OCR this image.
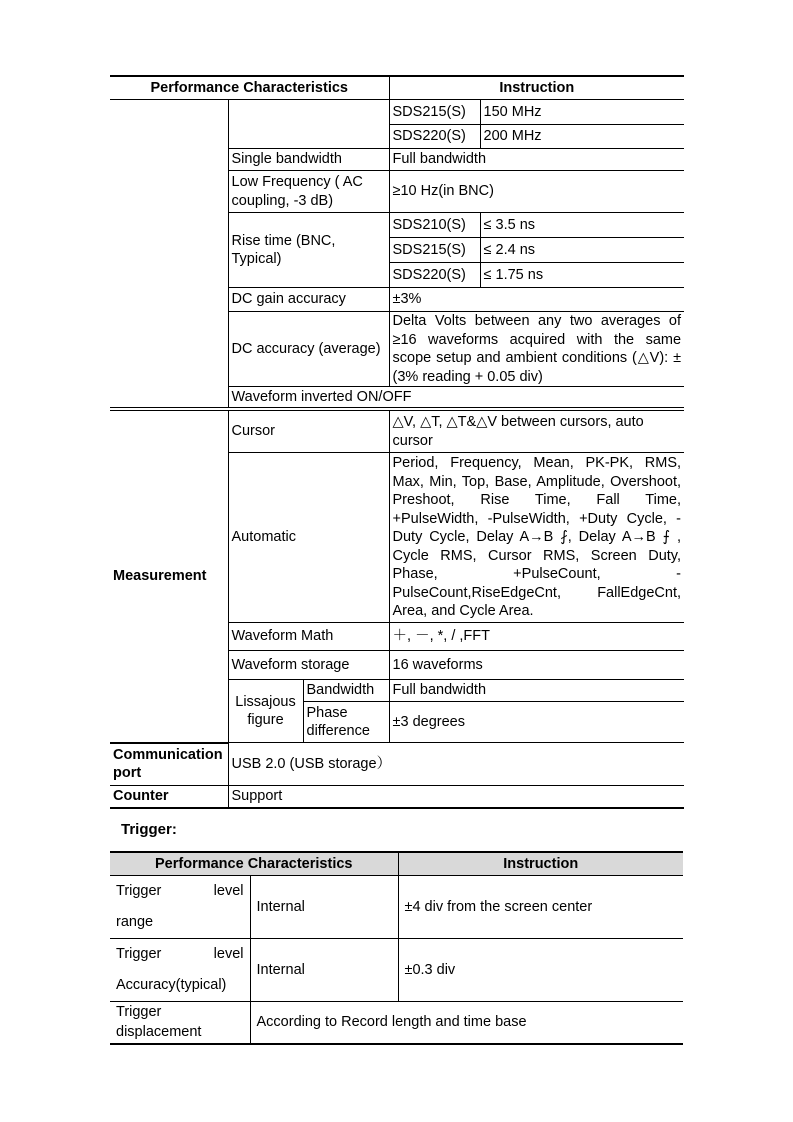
Performance Characteristics		Instruction	
		SDS215(S)	150 MHz
		SDS220(S)	200 MHz
	Single bandwidth	Full bandwidth	
	Low Frequency ( AC coupling, -3 dB)	≥10 Hz(in BNC)	
	Rise time (BNC, Typical)	SDS210(S)	≤ 3.5 ns
		SDS215(S)	≤ 2.4 ns
		SDS220(S)	≤ 1.75 ns
	DC gain accuracy	±3%	
	DC accuracy (average)	Delta Volts between any two averages of ≥16 waveforms acquired with the same scope setup and ambient conditions (△V): ±(3% reading + 0.05 div)	
	Waveform inverted ON/OFF		
Measurement	Cursor		△V, △T, △T&△V between cursors, auto cursor
	Automatic		Period, Frequency, Mean, PK-PK, RMS, Max, Min, Top, Base, Amplitude, Overshoot, Preshoot, Rise Time, Fall Time, +PulseWidth, -PulseWidth, +Duty Cycle, -Duty Cycle, Delay A→B ⨏, Delay A→B ⨍ , Cycle RMS, Cursor RMS, Screen Duty, Phase, +PulseCount, -PulseCount,RiseEdgeCnt, FallEdgeCnt, Area, and Cycle Area.
	Waveform Math		＋, －, *, / ,FFT
	Waveform storage		16 waveforms
	Lissajous figure	Bandwidth	Full bandwidth
		Phase difference	±3 degrees
Communication port	USB 2.0 (USB storage）
Counter	Support
Trigger:
Performance Characteristics		Instruction

Trigger level
range	Internal	±4 div from the screen center

Trigger level
Accuracy(typical)	Internal	±0.3 div
Trigger displacement	According to Record length and time base	
